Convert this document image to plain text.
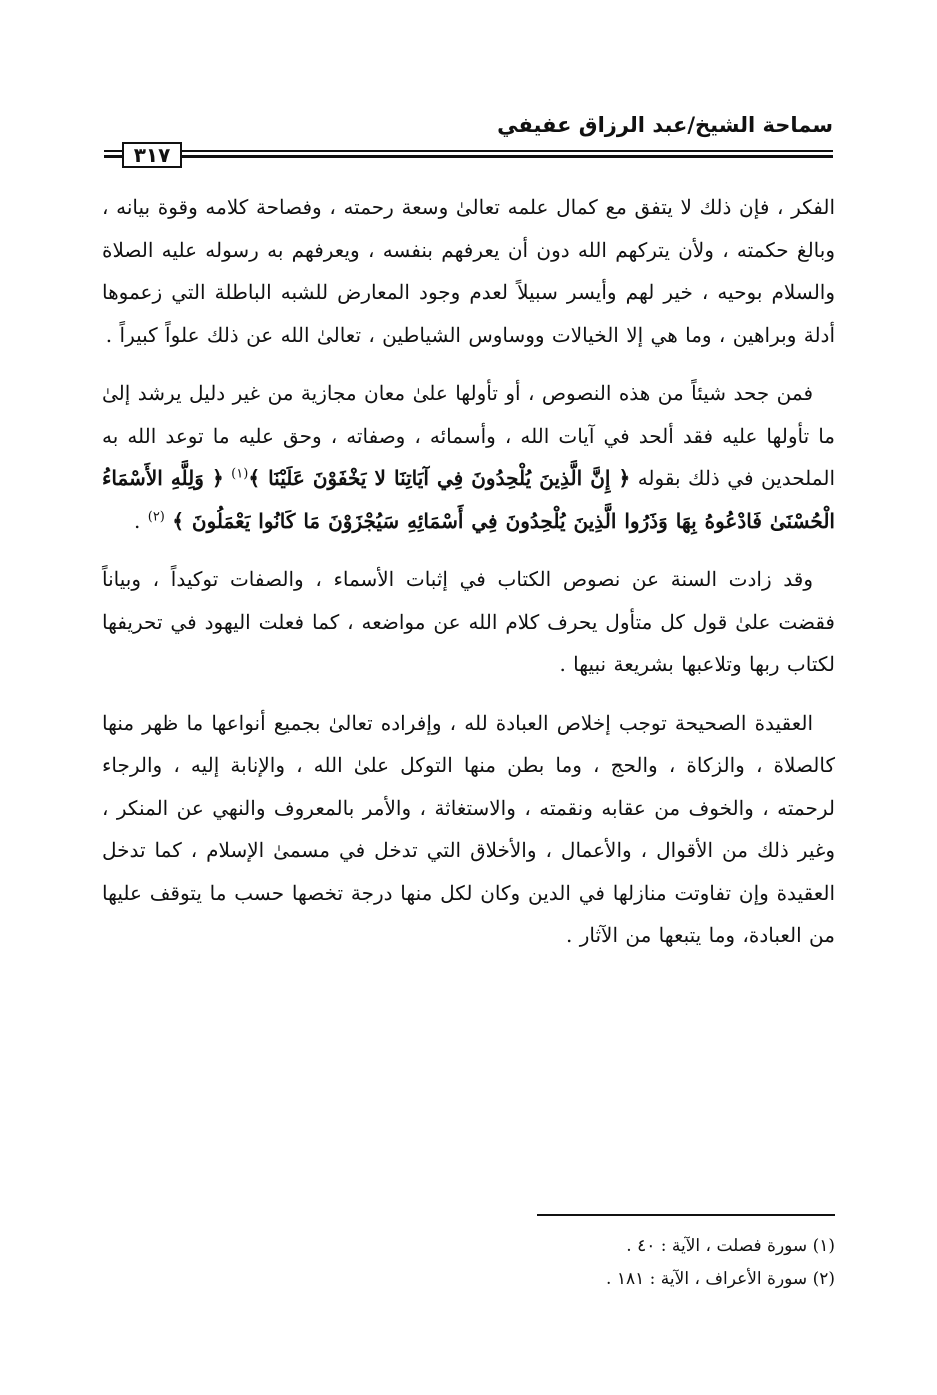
سماحة الشيخ/عبد الرزاق عفيفي
٣١٧

الفكر ، فإن ذلك لا يتفق مع كمال علمه تعالىٰ وسعة رحمته ، وفصاحة كلامه وقوة بيانه ، وبالغ حكمته ، ولأن يتركهم الله دون أن يعرفهم بنفسه ، ويعرفهم به رسوله عليه الصلاة والسلام بوحيه ، خير لهم وأيسر سبيلاً لعدم وجود المعارض للشبه الباطلة التي زعموها أدلة وبراهين ، وما هي إلا الخيالات ووساوس الشياطين ، تعالىٰ الله عن ذلك علواً كبيراً .

فمن جحد شيئاً من هذه النصوص ، أو تأولها علىٰ معان مجازية من غير دليل يرشد إلىٰ ما تأولها عليه فقد ألحد في آيات الله ، وأسمائه ، وصفاته ، وحق عليه ما توعد الله به الملحدين في ذلك بقوله ﴿ إِنَّ الَّذِينَ يُلْحِدُونَ فِي آيَاتِنَا لا يَخْفَوْنَ عَلَيْنَا ﴾$^{(١)}$ ﴿ وَلِلَّهِ الأَسْمَاءُ الْحُسْنَىٰ فَادْعُوهُ بِهَا وَذَرُوا الَّذِينَ يُلْحِدُونَ فِي أَسْمَائِهِ سَيُجْزَوْنَ مَا كَانُوا يَعْمَلُونَ ﴾ $^{(٢)}$ .

وقد زادت السنة عن نصوص الكتاب في إثبات الأسماء ، والصفات توكيداً ، وبياناً فقضت علىٰ قول كل متأول يحرف كلام الله عن مواضعه ، كما فعلت اليهود في تحريفها لكتاب ربها وتلاعبها بشريعة نبيها .

العقيدة الصحيحة توجب إخلاص العبادة لله ، وإفراده تعالىٰ بجميع أنواعها ما ظهر منها كالصلاة ، والزكاة ، والحج ، وما بطن منها التوكل علىٰ الله ، والإنابة إليه ، والرجاء لرحمته ، والخوف من عقابه ونقمته ، والاستغاثة ، والأمر بالمعروف والنهي عن المنكر ، وغير ذلك من الأقوال ، والأعمال ، والأخلاق التي تدخل في مسمىٰ الإسلام ، كما تدخل العقيدة وإن تفاوتت منازلها في الدين وكان لكل منها درجة تخصها حسب ما يتوقف عليها من العبادة، وما يتبعها من الآثار .

(١) سورة فصلت ، الآية : ٤٠ .

(٢) سورة الأعراف ، الآية : ١٨١ .
